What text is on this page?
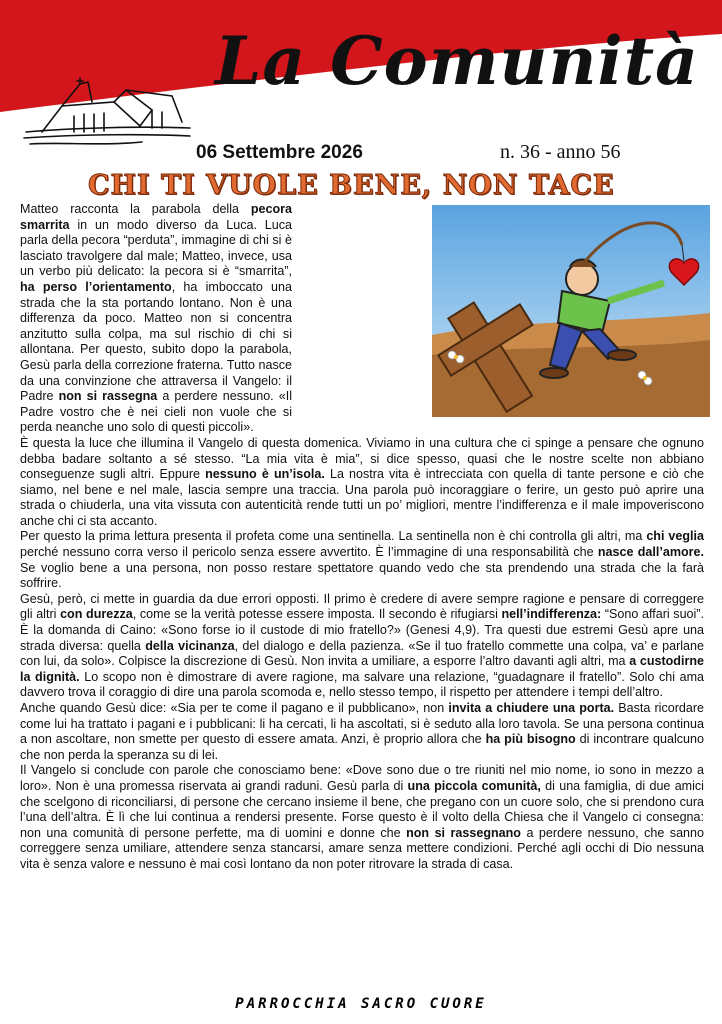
La Comunità
06 Settembre 2026	n. 36 - anno 56
CHI TI VUOLE BENE, NON TACE

Matteo racconta la parabola della pecora smarrita in un modo diverso da Luca. Luca parla della pecora “perduta”, immagine di chi si è lasciato travolgere dal male; Matteo, invece, usa un verbo più delicato: la pecora si è “smarrita”, ha perso l’orientamento, ha imboccato una strada che la sta portando lontano. Non è una differenza da poco. Matteo non si concentra anzitutto sulla colpa, ma sul rischio di chi si allontana. Per questo, subito dopo la parabola, Gesù parla della correzione fraterna. Tutto nasce da una convinzione che attraversa il Vangelo: il Padre non si rassegna a perdere nessuno. «Il Padre vostro che è nei cieli non vuole che si perda neanche uno solo di questi piccoli».

È questa la luce che illumina il Vangelo di questa domenica. Viviamo in una cultura che ci spinge a pensare che ognuno debba badare soltanto a sé stesso. “La mia vita è mia”, si dice spesso, quasi che le nostre scelte non abbiano conseguenze sugli altri. Eppure nessuno è un’isola. La nostra vita è intrecciata con quella di tante persone e ciò che siamo, nel bene e nel male, lascia sempre una traccia. Una parola può incoraggiare o ferire, un gesto può aprire una strada o chiuderla, una vita vissuta con autenticità rende tutti un po’ migliori, mentre l’indifferenza e il male impoveriscono anche chi ci sta accanto.

Per questo la prima lettura presenta il profeta come una sentinella. La sentinella non è chi controlla gli altri, ma chi veglia perché nessuno corra verso il pericolo senza essere avvertito. È l’immagine di una responsabilità che nasce dall’amore. Se voglio bene a una persona, non posso restare spettatore quando vedo che sta prendendo una strada che la farà soffrire.

Gesù, però, ci mette in guardia da due errori opposti. Il primo è credere di avere sempre ragione e pensare di correggere gli altri con durezza, come se la verità potesse essere imposta. Il secondo è rifugiarsi nell’indifferenza: “Sono affari suoi”. È la domanda di Caino: «Sono forse io il custode di mio fratello?» (Genesi 4,9). Tra questi due estremi Gesù apre una strada diversa: quella della vicinanza, del dialogo e della pazienza. «Se il tuo fratello commette una colpa, va’ e parlane con lui, da solo». Colpisce la discrezione di Gesù. Non invita a umiliare, a esporre l’altro davanti agli altri, ma a custodirne la dignità. Lo scopo non è dimostrare di avere ragione, ma salvare una relazione, “guadagnare il fratello”. Solo chi ama davvero trova il coraggio di dire una parola scomoda e, nello stesso tempo, il rispetto per attendere i tempi dell’altro.

Anche quando Gesù dice: «Sia per te come il pagano e il pubblicano», non invita a chiudere una porta. Basta ricordare come lui ha trattato i pagani e i pubblicani: li ha cercati, li ha ascoltati, si è seduto alla loro tavola. Se una persona continua a non ascoltare, non smette per questo di essere amata. Anzi, è proprio allora che ha più bisogno di incontrare qualcuno che non perda la speranza su di lei.

Il Vangelo si conclude con parole che conosciamo bene: «Dove sono due o tre riuniti nel mio nome, io sono in mezzo a loro». Non è una promessa riservata ai grandi raduni. Gesù parla di una piccola comunità, di una famiglia, di due amici che scelgono di riconciliarsi, di persone che cercano insieme il bene, che pregano con un cuore solo, che si prendono cura l’una dell’altra. È lì che lui continua a rendersi presente. Forse questo è il volto della Chiesa che il Vangelo ci consegna: non una comunità di persone perfette, ma di uomini e donne che non si rassegnano a perdere nessuno, che sanno correggere senza umiliare, attendere senza stancarsi, amare senza mettere condizioni. Perché agli occhi di Dio nessuna vita è senza valore e nessuno è mai così lontano da non poter ritrovare la strada di casa.

PARROCCHIA SACRO CUORE
